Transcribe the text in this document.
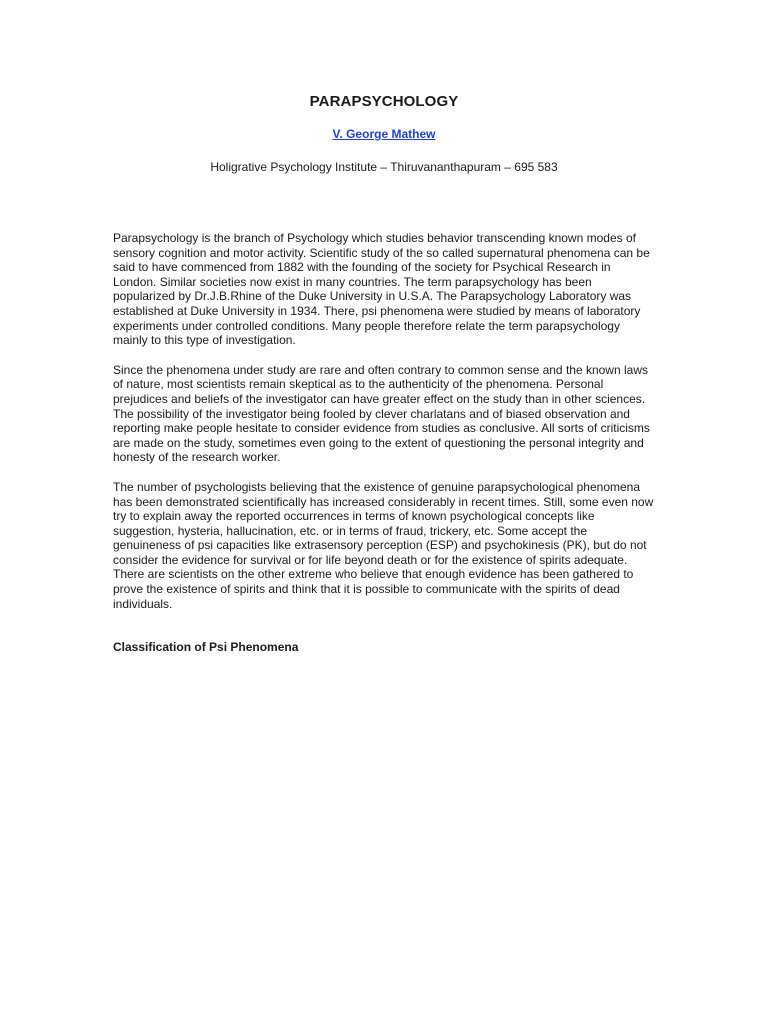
PARAPSYCHOLOGY

V. George Mathew

Holigrative Psychology Institute – Thiruvananthapuram – 695 583

Parapsychology is the branch of Psychology which studies behavior transcending known modes of sensory cognition and motor activity. Scientific study of the so called supernatural phenomena can be said to have commenced from 1882 with the founding of the society for Psychical Research in London. Similar societies now exist in many countries. The term parapsychology has been popularized by Dr.J.B.Rhine of the Duke University in U.S.A. The Parapsychology Laboratory was established at Duke University in 1934. There, psi phenomena were studied by means of laboratory experiments under controlled conditions. Many people therefore relate the term parapsychology mainly to this type of investigation.

Since the phenomena under study are rare and often contrary to common sense and the known laws of nature, most scientists remain skeptical as to the authenticity of the phenomena. Personal prejudices and beliefs of the investigator can have greater effect on the study than in other sciences. The possibility of the investigator being fooled by clever charlatans and of biased observation and reporting make people hesitate to consider evidence from studies as conclusive. All sorts of criticisms are made on the study, sometimes even going to the extent of questioning the personal integrity and honesty of the research worker.

The number of psychologists believing that the existence of genuine parapsychological phenomena has been demonstrated scientifically has increased considerably in recent times. Still, some even now try to explain away the reported occurrences in terms of known psychological concepts like suggestion, hysteria, hallucination, etc. or in terms of fraud, trickery, etc. Some accept the genuineness of psi capacities like extrasensory perception (ESP) and psychokinesis (PK), but do not consider the evidence for survival or for life beyond death or for the existence of spirits adequate. There are scientists on the other extreme who believe that enough evidence has been gathered to prove the existence of spirits and think that it is possible to communicate with the spirits of dead individuals.

Classification of Psi Phenomena
